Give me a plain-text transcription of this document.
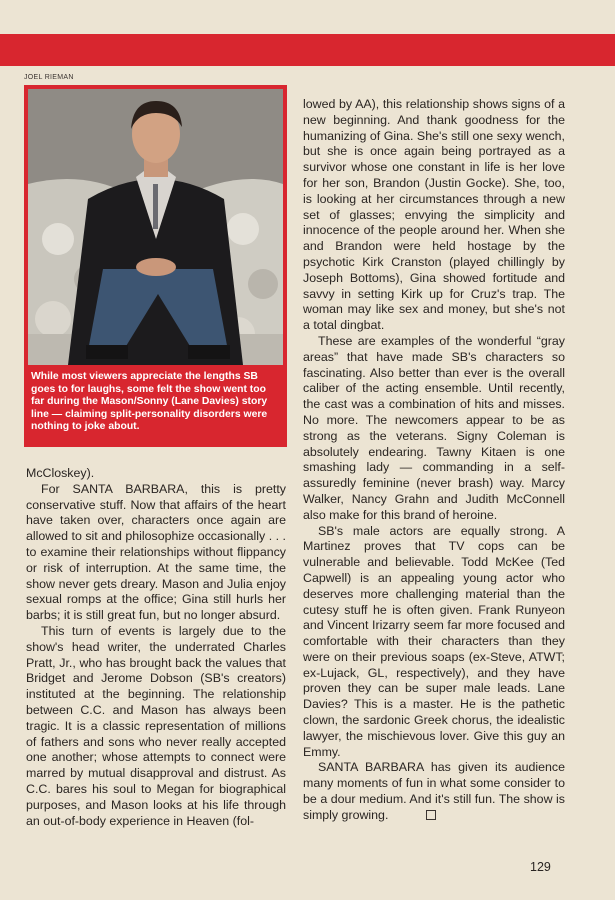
JOEL RIEMAN
While most viewers appreciate the lengths SB goes to for laughs, some felt the show went too far during the Mason/Sonny (Lane Davies) story line — claiming split-personality disorders were nothing to joke about.

McCloskey).

For SANTA BARBARA, this is pretty conservative stuff. Now that affairs of the heart have taken over, characters once again are allowed to sit and philosophize occasionally . . . to examine their relationships without flippancy or risk of interruption. At the same time, the show never gets dreary. Mason and Julia enjoy sexual romps at the office; Gina still hurls her barbs; it is still great fun, but no longer absurd.

This turn of events is largely due to the show's head writer, the underrated Charles Pratt, Jr., who has brought back the values that Bridget and Jerome Dobson (SB's creators) instituted at the beginning. The relationship between C.C. and Mason has always been tragic. It is a classic representation of millions of fathers and sons who never really accepted one another; whose attempts to connect were marred by mutual disapproval and distrust. As C.C. bares his soul to Megan for biographical purposes, and Mason looks at his life through an out-of-body experience in Heaven (fol-

lowed by AA), this relationship shows signs of a new beginning. And thank goodness for the humanizing of Gina. She's still one sexy wench, but she is once again being portrayed as a survivor whose one constant in life is her love for her son, Brandon (Justin Gocke). She, too, is looking at her circumstances through a new set of glasses; envying the simplicity and innocence of the people around her. When she and Brandon were held hostage by the psychotic Kirk Cranston (played chillingly by Joseph Bottoms), Gina showed fortitude and savvy in setting Kirk up for Cruz's trap. The woman may like sex and money, but she's not a total dingbat.

These are examples of the wonderful “gray areas” that have made SB's characters so fascinating. Also better than ever is the overall caliber of the acting ensemble. Until recently, the cast was a combination of hits and misses. No more. The newcomers appear to be as strong as the veterans. Signy Coleman is absolutely endearing. Tawny Kitaen is one smashing lady — commanding in a self-assuredly feminine (never brash) way. Marcy Walker, Nancy Grahn and Judith McConnell also make for this brand of heroine.

SB's male actors are equally strong. A Martinez proves that TV cops can be vulnerable and believable. Todd McKee (Ted Capwell) is an appealing young actor who deserves more challenging material than the cutesy stuff he is often given. Frank Runyeon and Vincent Irizarry seem far more focused and comfortable with their characters than they were on their previous soaps (ex-Steve, ATWT; ex-Lujack, GL, respectively), and they have proven they can be super male leads. Lane Davies? This is a master. He is the pathetic clown, the sardonic Greek chorus, the idealistic lawyer, the mischievous lover. Give this guy an Emmy.

SANTA BARBARA has given its audience many moments of fun in what some consider to be a dour medium. And it's still fun. The show is simply growing.

129
